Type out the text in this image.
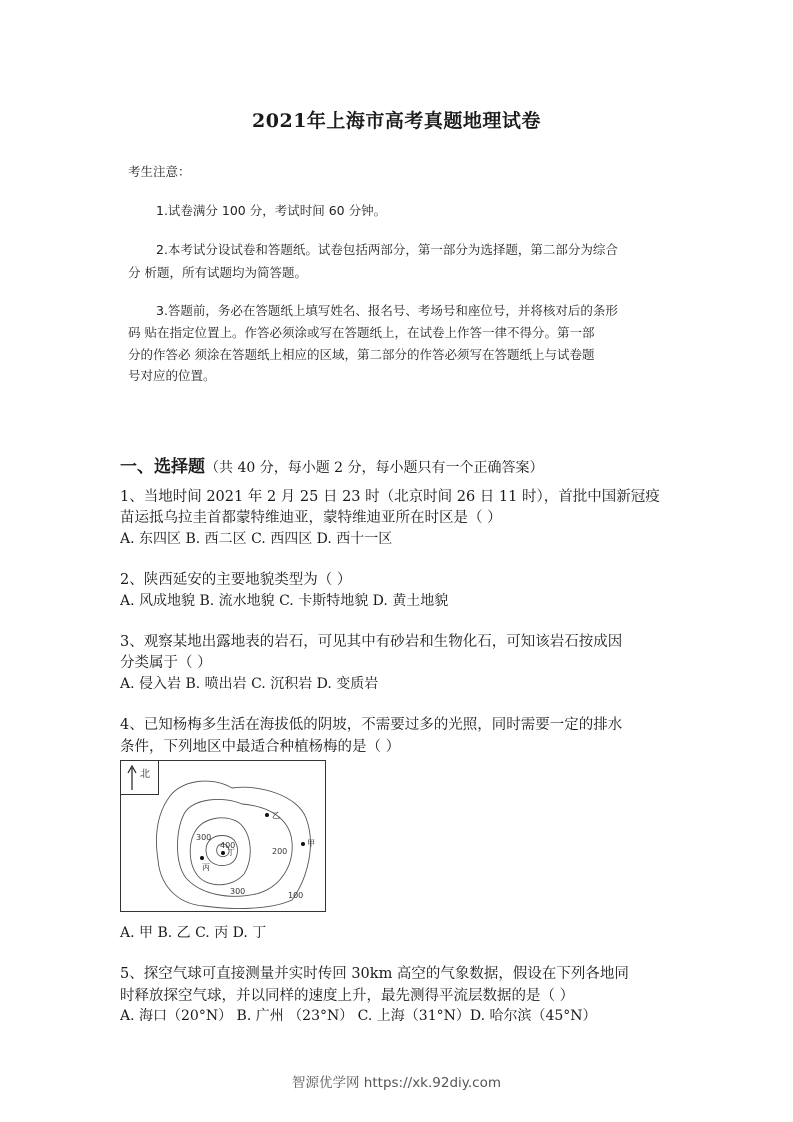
2021年上海市高考真题地理试卷
考生注意：
1.试卷满分 100 分，考试时间 60 分钟。
2.本考试分设试卷和答题纸。试卷包括两部分，第一部分为选择题，第二部分为综合
分 析题，所有试题均为简答题。
3.答题前，务必在答题纸上填写姓名、报名号、考场号和座位号，并将核对后的条形
码 贴在指定位置上。作答必须涂或写在答题纸上，在试卷上作答一律不得分。第一部
分的作答必 须涂在答题纸上相应的区域，第二部分的作答必须写在答题纸上与试卷题
号对应的位置。
一、选择题（共 40 分，每小题 2 分，每小题只有一个正确答案）
1、当地时间 2021 年 2 月 25 日 23 时（北京时间 26 日 11 时），首批中国新冠疫
苗运抵乌拉圭首都蒙特维迪亚，蒙特维迪亚所在时区是（ ）
A. 东四区 B. 西二区 C. 西四区 D. 西十一区
2、陕西延安的主要地貌类型为（ ）
A. 风成地貌 B. 流水地貌 C. 卡斯特地貌 D. 黄土地貌
3、观察某地出露地表的岩石，可见其中有砂岩和生物化石，可知该岩石按成因
分类属于（ ）
A. 侵入岩 B. 喷出岩 C. 沉积岩 D. 变质岩
4、已知杨梅多生活在海拔低的阴坡，不需要过多的光照，同时需要一定的排水
条件，下列地区中最适合种植杨梅的是（ ）
北
400
300
200
100
300
乙
甲
丁
丙
A. 甲 B. 乙 C. 丙 D. 丁
5、探空气球可直接测量并实时传回 30km 高空的气象数据，假设在下列各地同
时释放探空气球，并以同样的速度上升，最先测得平流层数据的是（ ）
A. 海口（20°N） B. 广州 （23°N） C. 上海（31°N）D. 哈尔滨（45°N）
智源优学网 https://xk.92diy.com
